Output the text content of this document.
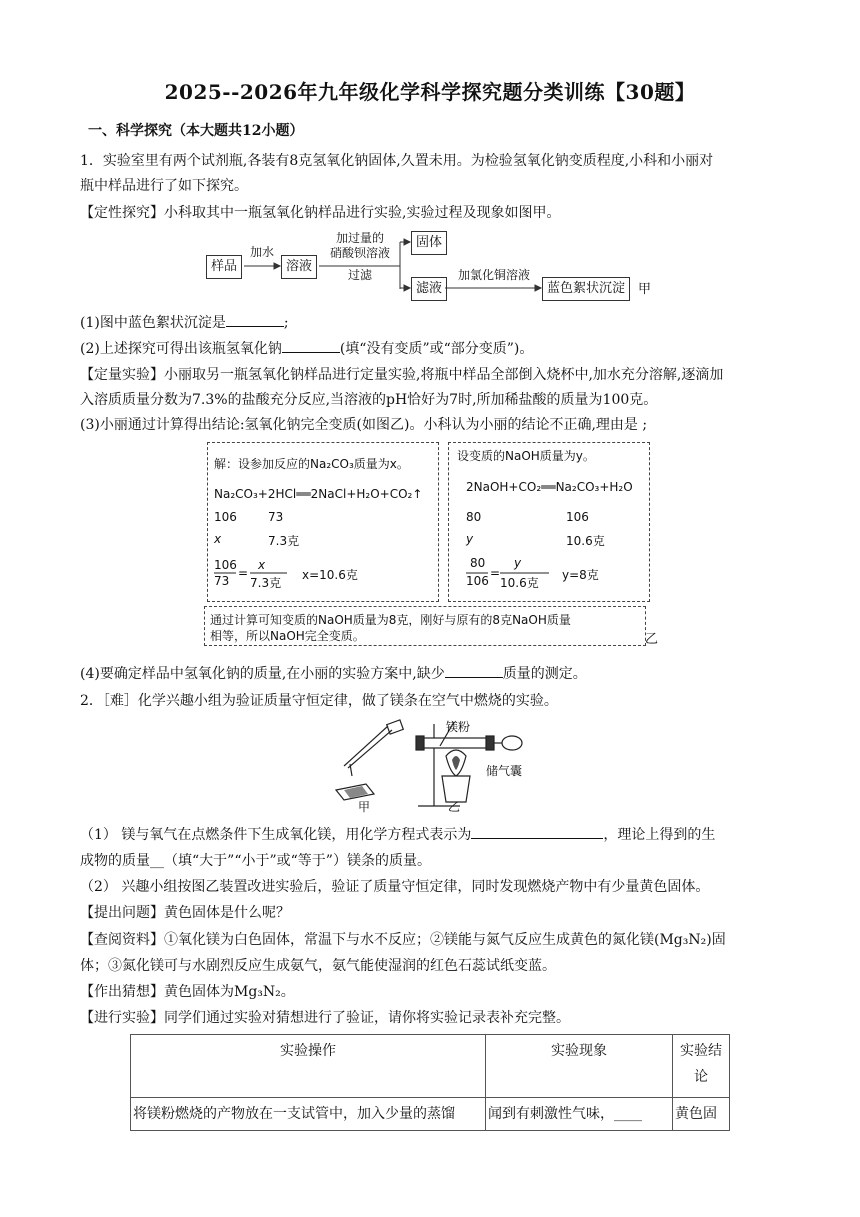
2025--2026年九年级化学科学探究题分类训练【30题】
一、科学探究（本大题共12小题）
1．实验室里有两个试剂瓶,各装有8克氢氧化钠固体,久置未用。为检验氢氧化钠变质程度,小科和小丽对
瓶中样品进行了如下探究。
【定性探究】小科取其中一瓶氢氧化钠样品进行实验,实验过程及现象如图甲。
样品
加水
溶液
加过量的
硝酸钡溶液
过滤
固体
滤液
加氯化铜溶液
蓝色絮状沉淀 甲
(1)图中蓝色絮状沉淀是	;
(2)上述探究可得出该瓶氢氧化钠	(填“没有变质”或“部分变质”)。
【定量实验】小丽取另一瓶氢氧化钠样品进行定量实验,将瓶中样品全部倒入烧杯中,加水充分溶解,逐滴加
入溶质质量分数为7.3%的盐酸充分反应,当溶液的pH恰好为7时,所加稀盐酸的质量为100克。
(3)小丽通过计算得出结论:氢氧化钠完全变质(如图乙)。小科认为小丽的结论不正确,理由是 ;
解：设参加反应的Na₂CO₃质量为x。
Na₂CO₃+2HCl══2NaCl+H₂O+CO₂↑
106	73
x	7.3克
106
73
=
x
7.3克
x=10.6克
设变质的NaOH质量为y。
2NaOH+CO₂══Na₂CO₃+H₂O
80	106
y	10.6克
80
106
=
y
10.6克
y=8克
通过计算可知变质的NaOH质量为8克，刚好与原有的8克NaOH质量
相等，所以NaOH完全变质。	乙
(4)要确定样品中氢氧化钠的质量,在小丽的实验方案中,缺少	质量的测定。
2．［难］化学兴趣小组为验证质量守恒定律，做了镁条在空气中燃烧的实验。
镁粉
储气囊
甲	乙
（1） 镁与氧气在点燃条件下生成氧化镁，用化学方程式表示为	，理论上得到的生
成物的质量__（填“大于”“小于”或“等于”）镁条的质量。
（2） 兴趣小组按图乙装置改进实验后，验证了质量守恒定律，同时发现燃烧产物中有少量黄色固体。
【提出问题】黄色固体是什么呢？
【查阅资料】①氧化镁为白色固体，常温下与水不反应；②镁能与氮气反应生成黄色的氮化镁(Mg₃N₂)固
体；③氮化镁可与水剧烈反应生成氨气，氨气能使湿润的红色石蕊试纸变蓝。
【作出猜想】黄色固体为Mg₃N₂。
【进行实验】同学们通过实验对猜想进行了验证，请你将实验记录表补充完整。
实验操作	实验现象	实验结论
将镁粉燃烧的产物放在一支试管中，加入少量的蒸馏	闻到有刺激性气味，____	黄色固
